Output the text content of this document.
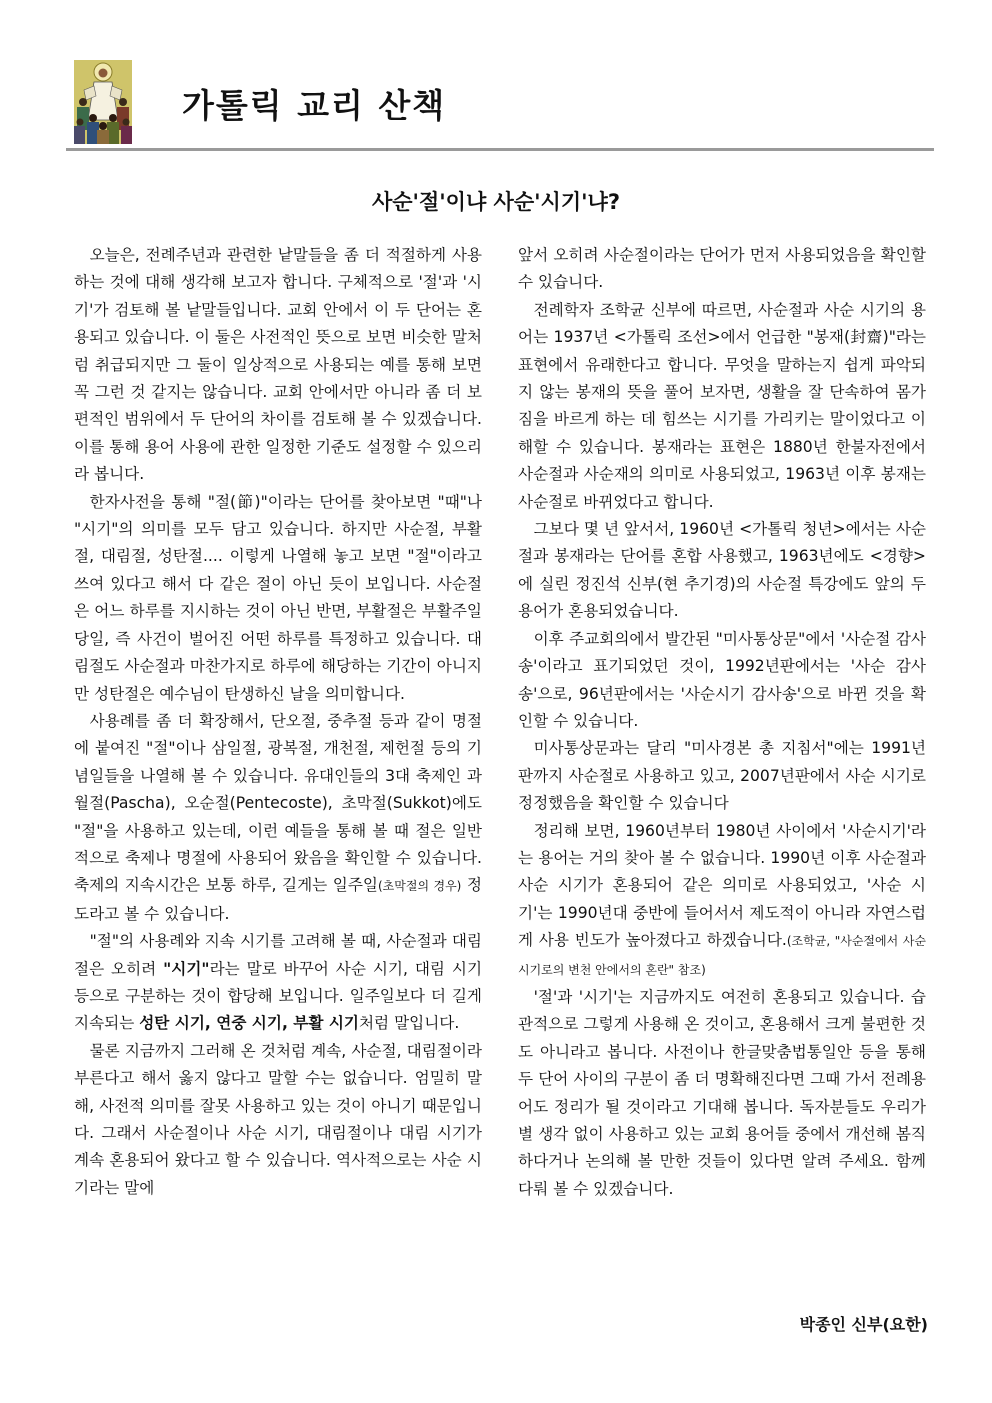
가톨릭 교리 산책
사순'절'이냐 사순'시기'냐?

오늘은, 전례주년과 관련한 낱말들을 좀 더 적절하게 사용하는 것에 대해 생각해 보고자 합니다. 구체적으로 '절'과 '시기'가 검토해 볼 낱말들입니다. 교회 안에서 이 두 단어는 혼용되고 있습니다. 이 둘은 사전적인 뜻으로 보면 비슷한 말처럼 취급되지만 그 둘이 일상적으로 사용되는 예를 통해 보면 꼭 그런 것 같지는 않습니다. 교회 안에서만 아니라 좀 더 보편적인 범위에서 두 단어의 차이를 검토해 볼 수 있겠습니다. 이를 통해 용어 사용에 관한 일정한 기준도 설정할 수 있으리라 봅니다.

한자사전을 통해 "절(節)"이라는 단어를 찾아보면 "때"나 "시기"의 의미를 모두 담고 있습니다. 하지만 사순절, 부활절, 대림절, 성탄절.... 이렇게 나열해 놓고 보면 "절"이라고 쓰여 있다고 해서 다 같은 절이 아닌 듯이 보입니다. 사순절은 어느 하루를 지시하는 것이 아닌 반면, 부활절은 부활주일 당일, 즉 사건이 벌어진 어떤 하루를 특정하고 있습니다. 대림절도 사순절과 마찬가지로 하루에 해당하는 기간이 아니지만 성탄절은 예수님이 탄생하신 날을 의미합니다.

사용례를 좀 더 확장해서, 단오절, 중추절 등과 같이 명절에 붙여진 "절"이나 삼일절, 광복절, 개천절, 제헌절 등의 기념일들을 나열해 볼 수 있습니다. 유대인들의 3대 축제인 과월절(Pascha), 오순절(Pentecoste), 초막절(Sukkot)에도 "절"을 사용하고 있는데, 이런 예들을 통해 볼 때 절은 일반적으로 축제나 명절에 사용되어 왔음을 확인할 수 있습니다. 축제의 지속시간은 보통 하루, 길게는 일주일(초막절의 경우) 정도라고 볼 수 있습니다.

"절"의 사용례와 지속 시기를 고려해 볼 때, 사순절과 대림절은 오히려 "시기"라는 말로 바꾸어 사순 시기, 대림 시기 등으로 구분하는 것이 합당해 보입니다. 일주일보다 더 길게 지속되는 성탄 시기, 연중 시기, 부활 시기처럼 말입니다.

물론 지금까지 그러해 온 것처럼 계속, 사순절, 대림절이라 부른다고 해서 옳지 않다고 말할 수는 없습니다. 엄밀히 말해, 사전적 의미를 잘못 사용하고 있는 것이 아니기 때문입니다. 그래서 사순절이나 사순 시기, 대림절이나 대림 시기가 계속 혼용되어 왔다고 할 수 있습니다. 역사적으로는 사순 시기라는 말에

앞서 오히려 사순절이라는 단어가 먼저 사용되었음을 확인할 수 있습니다.

전례학자 조학균 신부에 따르면, 사순절과 사순 시기의 용어는 1937년 <가톨릭 조선>에서 언급한 "봉재(封齋)"라는 표현에서 유래한다고 합니다. 무엇을 말하는지 쉽게 파악되지 않는 봉재의 뜻을 풀어 보자면, 생활을 잘 단속하여 몸가짐을 바르게 하는 데 힘쓰는 시기를 가리키는 말이었다고 이해할 수 있습니다. 봉재라는 표현은 1880년 한불자전에서 사순절과 사순재의 의미로 사용되었고, 1963년 이후 봉재는 사순절로 바뀌었다고 합니다.

그보다 몇 년 앞서서, 1960년 <가톨릭 청년>에서는 사순절과 봉재라는 단어를 혼합 사용했고, 1963년에도 <경향>에 실린 정진석 신부(현 추기경)의 사순절 특강에도 앞의 두 용어가 혼용되었습니다.

이후 주교회의에서 발간된 "미사통상문"에서 '사순절 감사송'이라고 표기되었던 것이, 1992년판에서는 '사순 감사송'으로, 96년판에서는 '사순시기 감사송'으로 바뀐 것을 확인할 수 있습니다.

미사통상문과는 달리 "미사경본 총 지침서"에는 1991년판까지 사순절로 사용하고 있고, 2007년판에서 사순 시기로 정정했음을 확인할 수 있습니다

정리해 보면, 1960년부터 1980년 사이에서 '사순시기'라는 용어는 거의 찾아 볼 수 없습니다. 1990년 이후 사순절과 사순 시기가 혼용되어 같은 의미로 사용되었고, '사순 시기'는 1990년대 중반에 들어서서 제도적이 아니라 자연스럽게 사용 빈도가 높아졌다고 하겠습니다.(조학균, "사순절에서 사순시기로의 변천 안에서의 혼란" 참조)

'절'과 '시기'는 지금까지도 여전히 혼용되고 있습니다. 습관적으로 그렇게 사용해 온 것이고, 혼용해서 크게 불편한 것도 아니라고 봅니다. 사전이나 한글맞춤법통일안 등을 통해 두 단어 사이의 구분이 좀 더 명확해진다면 그때 가서 전례용어도 정리가 될 것이라고 기대해 봅니다. 독자분들도 우리가 별 생각 없이 사용하고 있는 교회 용어들 중에서 개선해 봄직하다거나 논의해 볼 만한 것들이 있다면 알려 주세요. 함께 다뤄 볼 수 있겠습니다.

박종인 신부(요한)
